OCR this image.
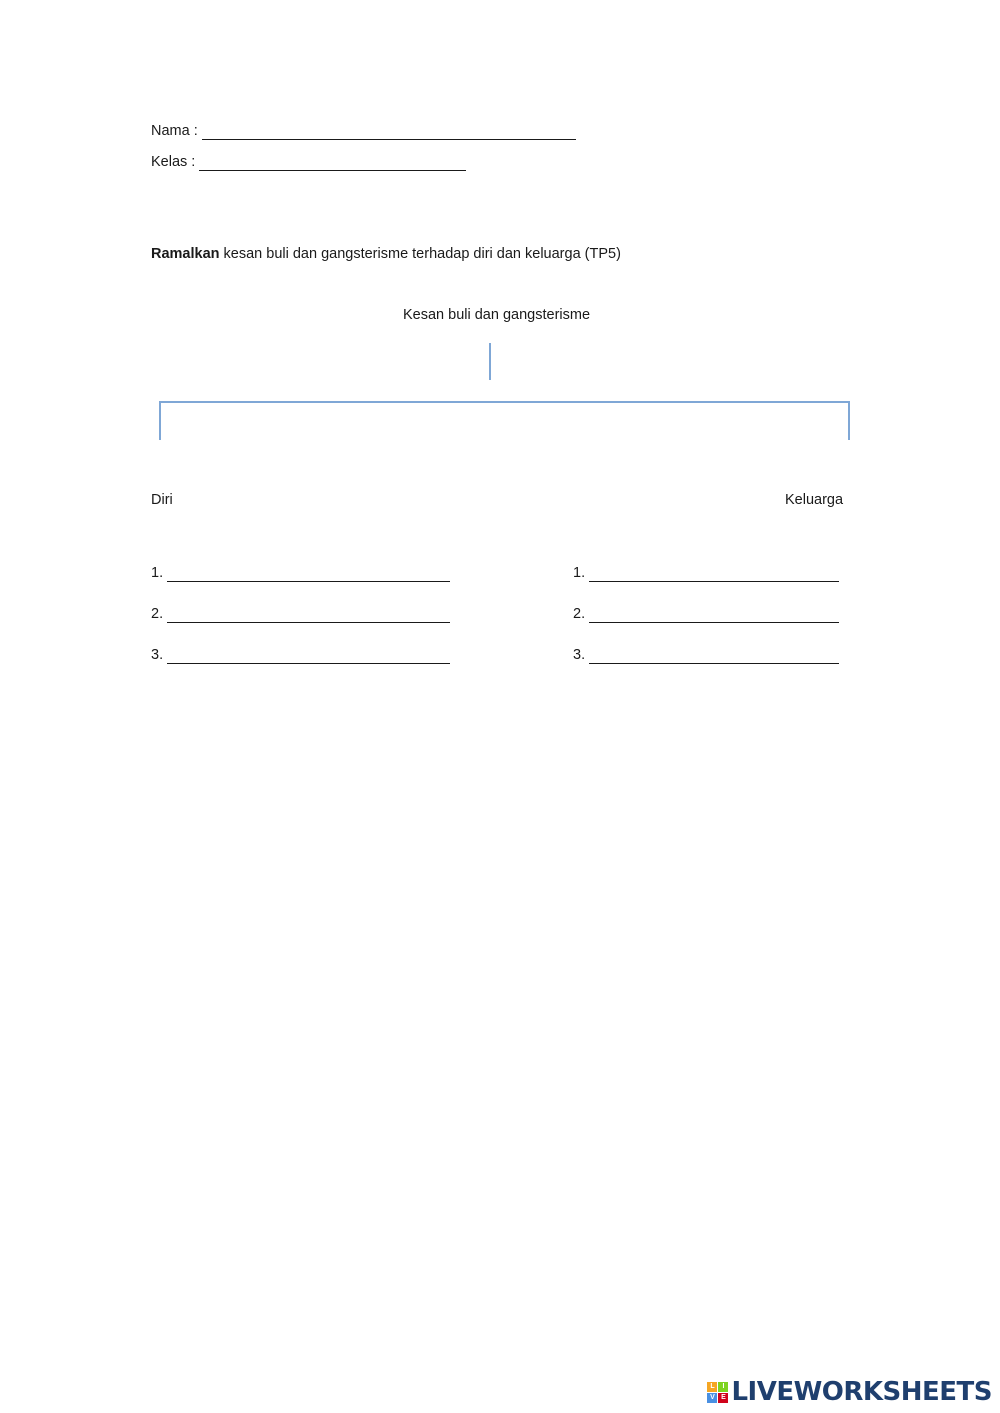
Nama :
Kelas :
Ramalkan kesan buli dan gangsterisme terhadap diri dan keluarga (TP5)
Kesan buli dan gangsterisme
Diri	Keluarga
1.
2.
3.
1.
2.
3.
L	I
V E LIVEWORKSHEETS
